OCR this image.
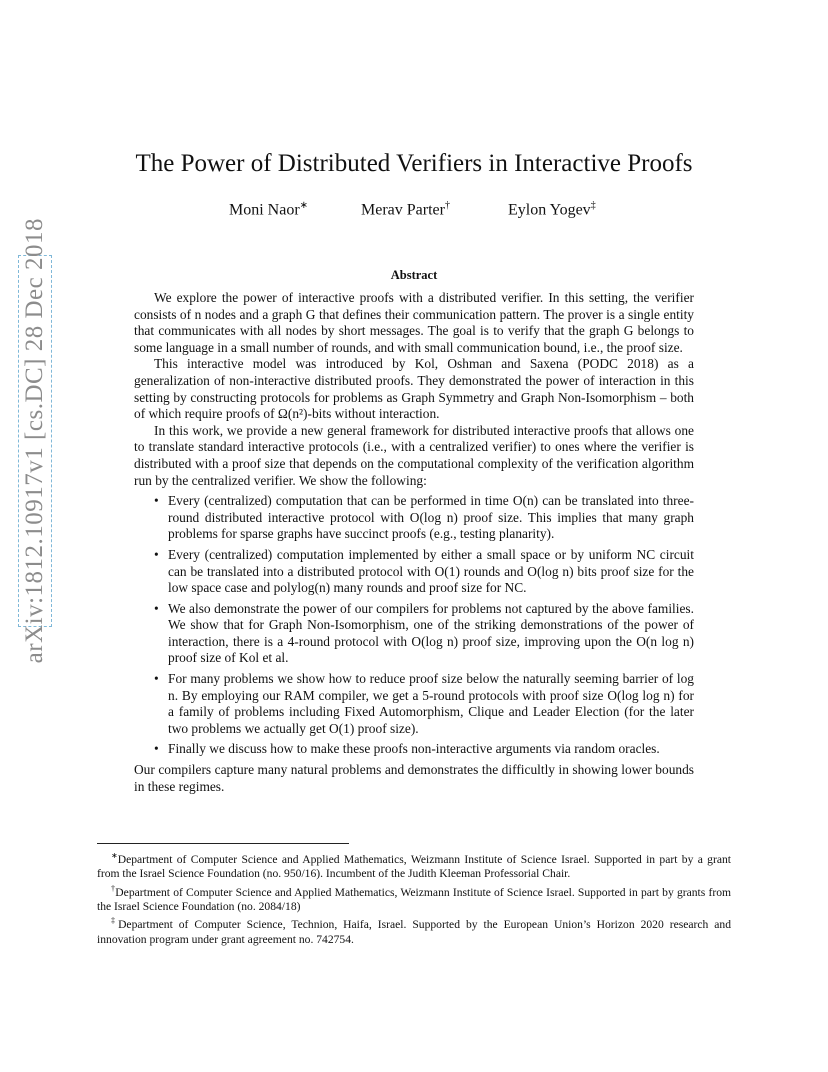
arXiv:1812.10917v1 [cs.DC] 28 Dec 2018
The Power of Distributed Verifiers in Interactive Proofs
Moni Naor∗	Merav Parter†	Eylon Yogev‡
Abstract

We explore the power of interactive proofs with a distributed verifier. In this setting, the verifier consists of n nodes and a graph G that defines their communication pattern. The prover is a single entity that communicates with all nodes by short messages. The goal is to verify that the graph G belongs to some language in a small number of rounds, and with small communication bound, i.e., the proof size.

This interactive model was introduced by Kol, Oshman and Saxena (PODC 2018) as a generalization of non-interactive distributed proofs. They demonstrated the power of interaction in this setting by constructing protocols for problems as Graph Symmetry and Graph Non-Isomorphism – both of which require proofs of Ω(n²)-bits without interaction.

In this work, we provide a new general framework for distributed interactive proofs that allows one to translate standard interactive protocols (i.e., with a centralized verifier) to ones where the verifier is distributed with a proof size that depends on the computational complexity of the verification algorithm run by the centralized verifier. We show the following:

• Every (centralized) computation that can be performed in time O(n) can be translated into three-round distributed interactive protocol with O(log n) proof size. This implies that many graph problems for sparse graphs have succinct proofs (e.g., testing planarity).
• Every (centralized) computation implemented by either a small space or by uniform NC circuit can be translated into a distributed protocol with O(1) rounds and O(log n) bits proof size for the low space case and polylog(n) many rounds and proof size for NC.
• We also demonstrate the power of our compilers for problems not captured by the above families. We show that for Graph Non-Isomorphism, one of the striking demonstrations of the power of interaction, there is a 4-round protocol with O(log n) proof size, improving upon the O(n log n) proof size of Kol et al.
• For many problems we show how to reduce proof size below the naturally seeming barrier of log n. By employing our RAM compiler, we get a 5-round protocols with proof size O(log log n) for a family of problems including Fixed Automorphism, Clique and Leader Election (for the later two problems we actually get O(1) proof size).
• Finally we discuss how to make these proofs non-interactive arguments via random oracles.

Our compilers capture many natural problems and demonstrates the difficultly in showing lower bounds in these regimes.

∗Department of Computer Science and Applied Mathematics, Weizmann Institute of Science Israel. Supported in part by a grant from the Israel Science Foundation (no. 950/16). Incumbent of the Judith Kleeman Professorial Chair.

†Department of Computer Science and Applied Mathematics, Weizmann Institute of Science Israel. Supported in part by grants from the Israel Science Foundation (no. 2084/18)

‡Department of Computer Science, Technion, Haifa, Israel. Supported by the European Union’s Horizon 2020 research and innovation program under grant agreement no. 742754.
